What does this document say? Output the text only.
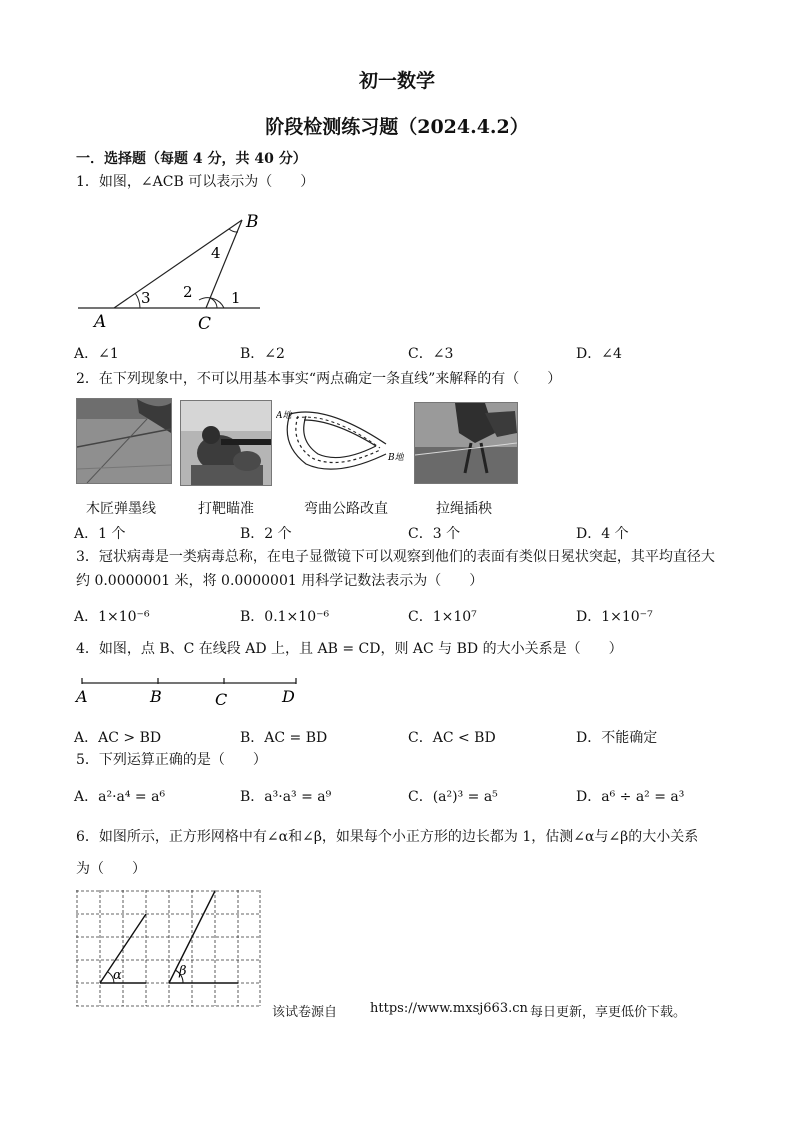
初一数学
阶段检测练习题（2024.4.2）
一．选择题（每题 4 分，共 40 分）
1．如图，∠ACB 可以表示为（　　）
A
B
C
1
2
3
4
A．∠1	B．∠2	C．∠3	D．∠4
2．在下列现象中，不可以用基本事实“两点确定一条直线”来解释的有（　　）
A地
B地
木匠弹墨线	打靶瞄准	弯曲公路改直	拉绳插秧
A．1 个	B．2 个	C．3 个	D．4 个
3．冠状病毒是一类病毒总称，在电子显微镜下可以观察到他们的表面有类似日冕状突起，其平均直径大
约 0.0000001 米，将 0.0000001 用科学记数法表示为（　　）
A．1×10⁻⁶	B．0.1×10⁻⁶	C．1×10⁷	D．1×10⁻⁷
4．如图，点 B、C 在线段 AD 上，且 AB = CD，则 AC 与 BD 的大小关系是（　　）
A	B	C	D
A．AC > BD	B．AC = BD	C．AC < BD	D．不能确定
5．下列运算正确的是（　　）
A．a²·a⁴ = a⁶	B．a³·a³ = a⁹	C．(a²)³ = a⁵	D．a⁶ ÷ a² = a³
6．如图所示，正方形网格中有∠α和∠β，如果每个小正方形的边长都为 1，估测∠α与∠β的大小关系
为（　　）
α	β
该试卷源自	https://www.mxsj663.cn 每日更新，享更低价下载。
